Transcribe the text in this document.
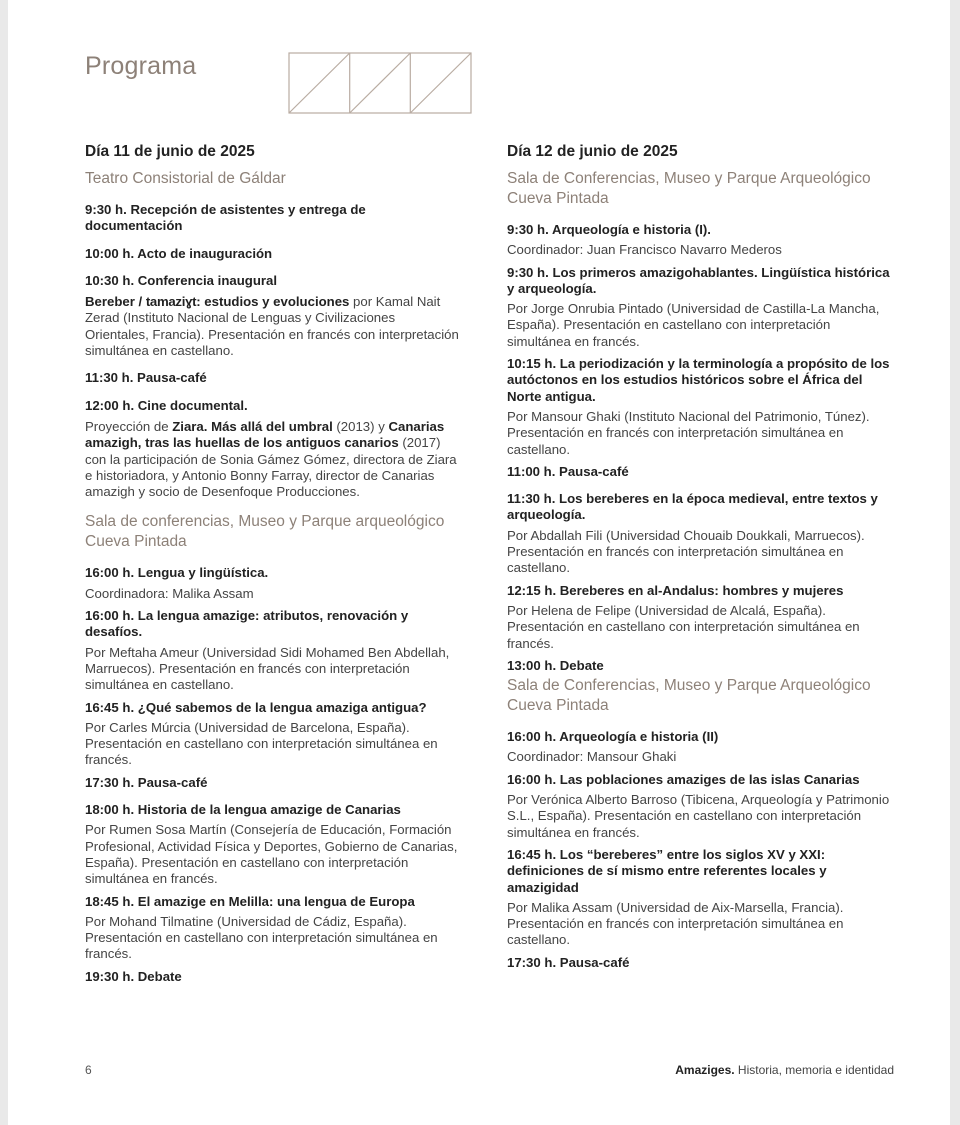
Programa
Día 11 de junio de 2025
Teatro Consistorial de Gáldar
9:30 h. Recepción de asistentes y entrega de documentación
10:00 h. Acto de inauguración
10:30 h. Conferencia inaugural
Bereber / tamaziɣt: estudios y evoluciones por Kamal Nait Zerad (Instituto Nacional de Lenguas y Civilizaciones Orientales, Francia). Presentación en francés con interpretación simultánea en castellano.
11:30 h. Pausa-café
12:00 h. Cine documental.
Proyección de Ziara. Más allá del umbral (2013) y Canarias amazigh, tras las huellas de los antiguos canarios (2017) con la participación de Sonia Gámez Gómez, directora de Ziara e historiadora, y Antonio Bonny Farray, director de Canarias amazigh y socio de Desenfoque Producciones.
Sala de conferencias, Museo y Parque arqueológico Cueva Pintada
16:00 h. Lengua y lingüística.
Coordinadora: Malika Assam
16:00 h. La lengua amazige: atributos, renovación y desafíos.
Por Meftaha Ameur (Universidad Sidi Mohamed Ben Abdellah, Marruecos). Presentación en francés con interpretación simultánea en castellano.
16:45 h. ¿Qué sabemos de la lengua amaziga antigua?
Por Carles Múrcia (Universidad de Barcelona, España). Presentación en castellano con interpretación simultánea en francés.
17:30 h. Pausa-café
18:00 h. Historia de la lengua amazige de Canarias
Por Rumen Sosa Martín (Consejería de Educación, Formación Profesional, Actividad Física y Deportes, Gobierno de Canarias, España). Presentación en castellano con interpretación simultánea en francés.
18:45 h. El amazige en Melilla: una lengua de Europa
Por Mohand Tilmatine (Universidad de Cádiz, España). Presentación en castellano con interpretación simultánea en francés.
19:30 h. Debate
Día 12 de junio de 2025
Sala de Conferencias, Museo y Parque Arqueológico Cueva Pintada
9:30 h. Arqueología e historia (I).
Coordinador: Juan Francisco Navarro Mederos
9:30 h. Los primeros amazigohablantes. Lingüística histórica y arqueología.
Por Jorge Onrubia Pintado (Universidad de Castilla-La Mancha, España). Presentación en castellano con interpretación simultánea en francés.
10:15 h. La periodización y la terminología a propósito de los autóctonos en los estudios históricos sobre el África del Norte antigua.
Por Mansour Ghaki (Instituto Nacional del Patrimonio, Túnez). Presentación en francés con interpretación simultánea en castellano.
11:00 h. Pausa-café
11:30 h. Los bereberes en la época medieval, entre textos y arqueología.
Por Abdallah Fili (Universidad Chouaib Doukkali, Marruecos). Presentación en francés con interpretación simultánea en castellano.
12:15 h. Bereberes en al-Andalus: hombres y mujeres
Por Helena de Felipe (Universidad de Alcalá, España). Presentación en castellano con interpretación simultánea en francés.
13:00 h. Debate
Sala de Conferencias, Museo y Parque Arqueológico Cueva Pintada
16:00 h. Arqueología e historia (II)
Coordinador: Mansour Ghaki
16:00 h. Las poblaciones amaziges de las islas Canarias
Por Verónica Alberto Barroso (Tibicena, Arqueología y Patrimonio S.L., España). Presentación en castellano con interpretación simultánea en francés.
16:45 h. Los “bereberes” entre los siglos XV y XXI: definiciones de sí mismo entre referentes locales y amazigidad
Por Malika Assam (Universidad de Aix-Marsella, Francia). Presentación en francés con interpretación simultánea en castellano.
17:30 h. Pausa-café
6	Amaziges. Historia, memoria e identidad
